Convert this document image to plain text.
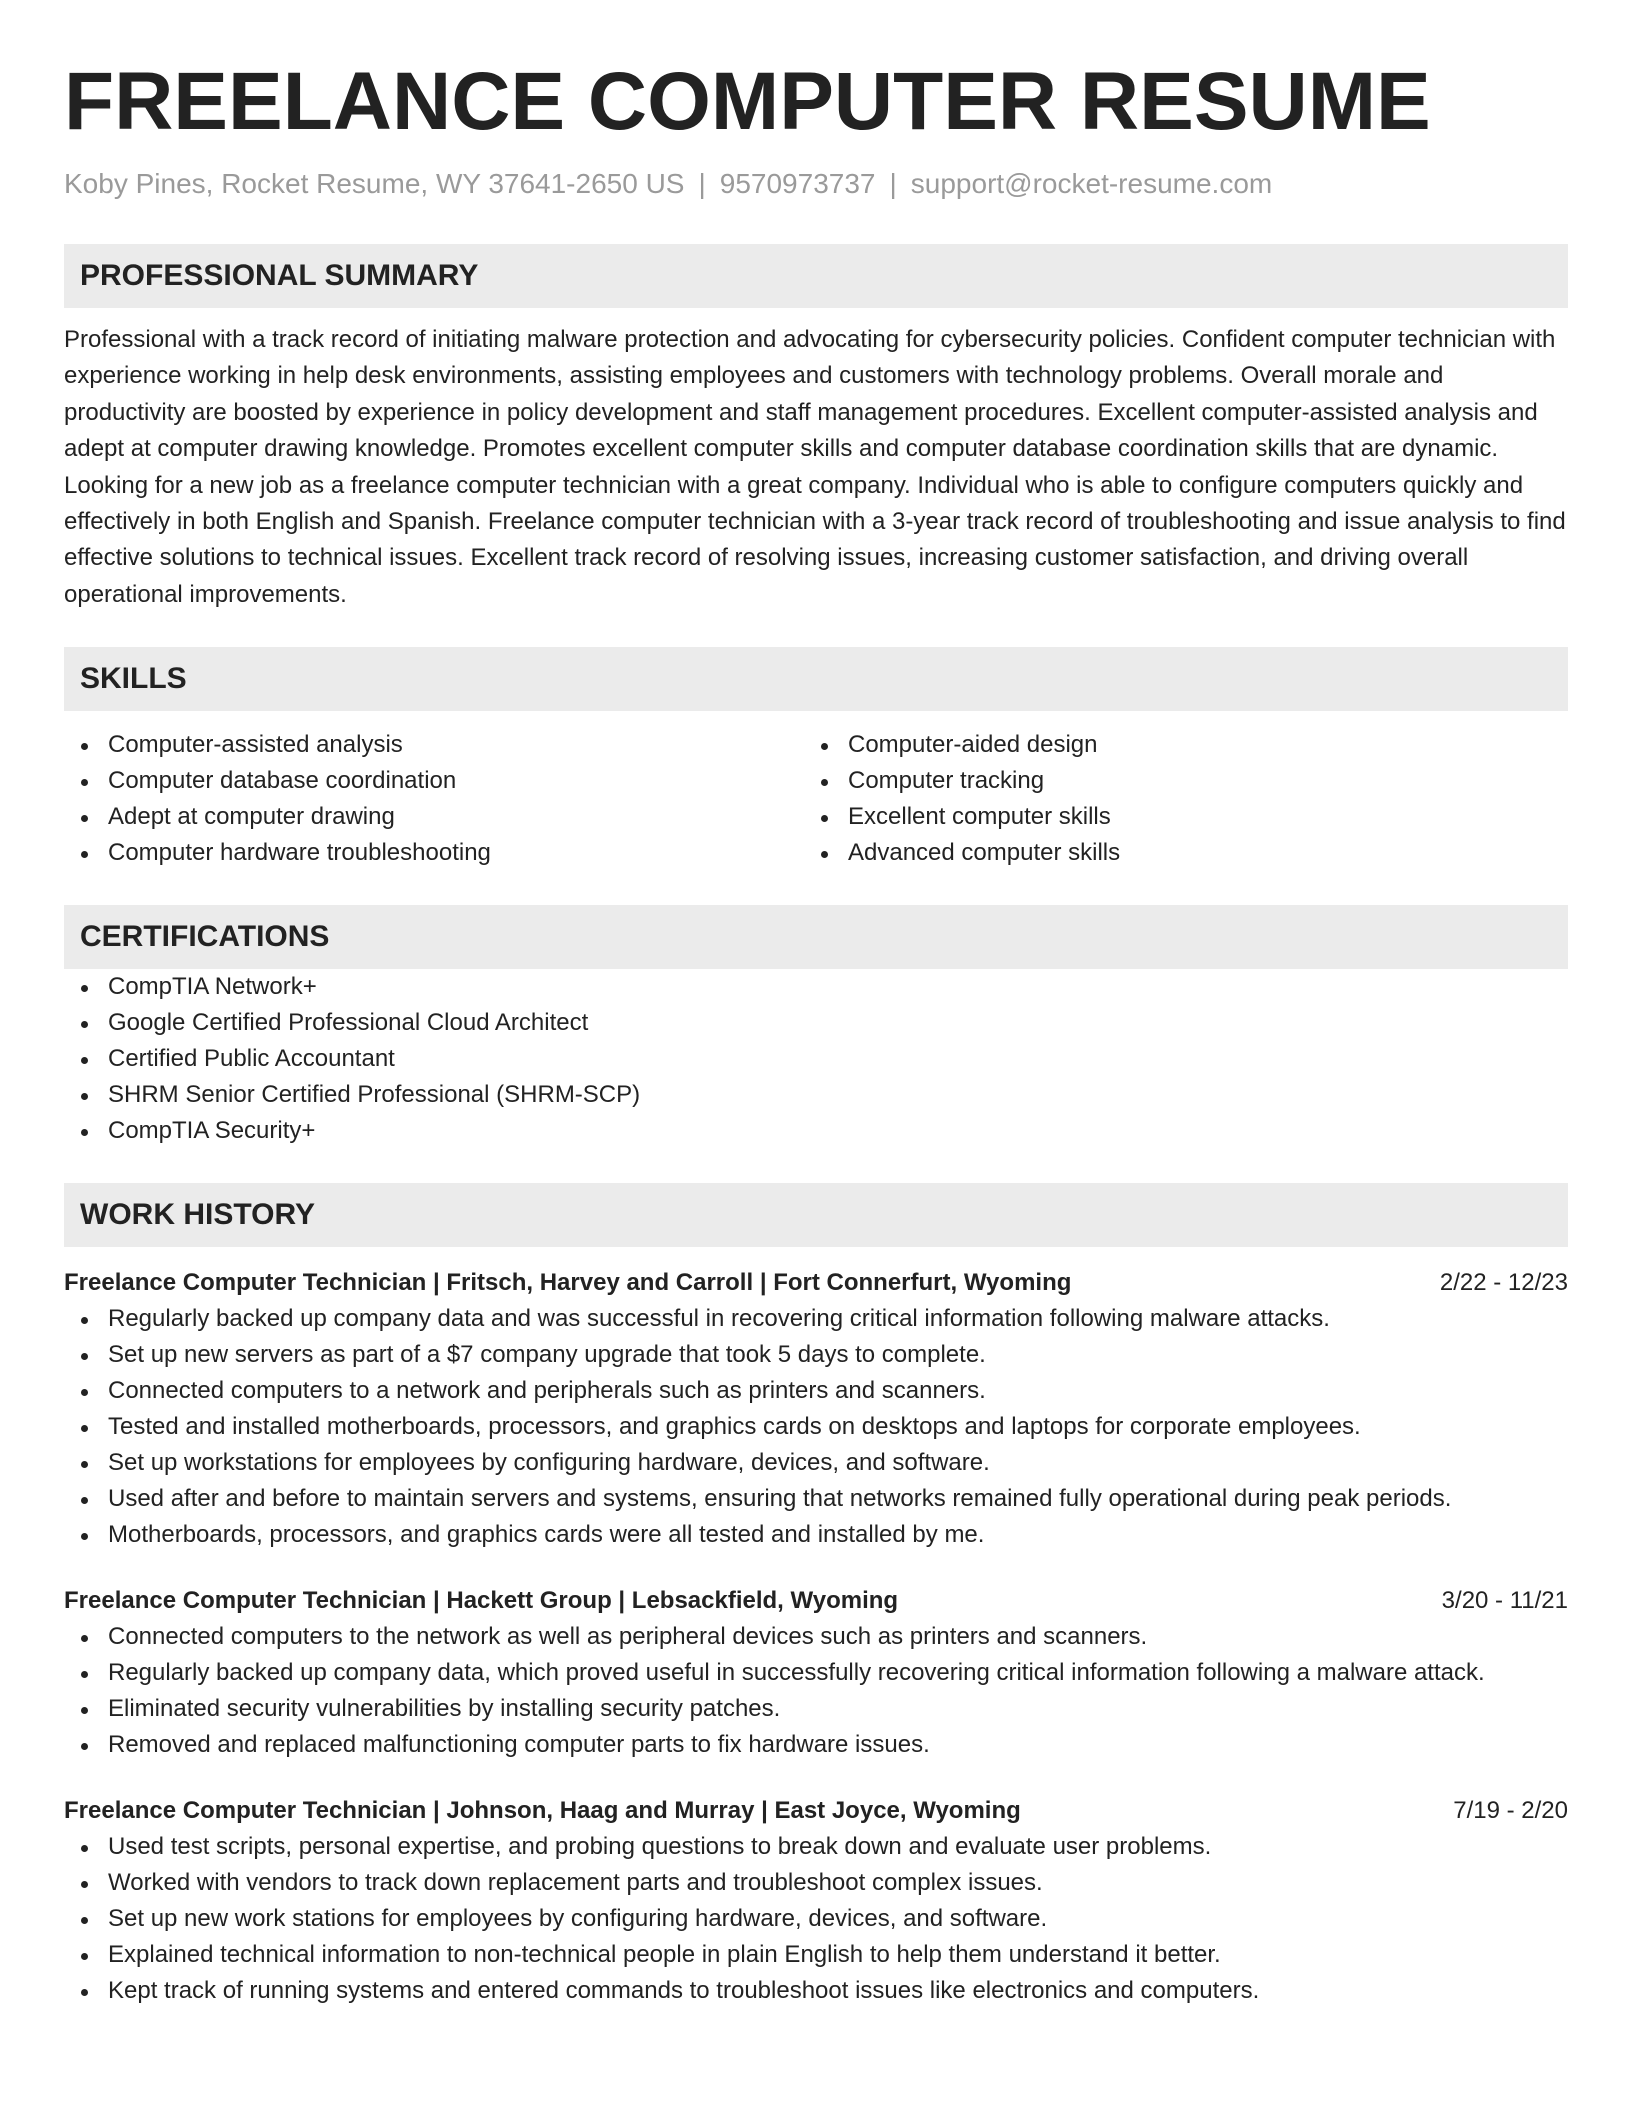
FREELANCE COMPUTER RESUME
Koby Pines, Rocket Resume, WY 37641-2650 US | 9570973737 | support@rocket-resume.com
PROFESSIONAL SUMMARY
Professional with a track record of initiating malware protection and advocating for cybersecurity policies. Confident computer technician with experience working in help desk environments, assisting employees and customers with technology problems. Overall morale and productivity are boosted by experience in policy development and staff management procedures. Excellent computer-assisted analysis and adept at computer drawing knowledge. Promotes excellent computer skills and computer database coordination skills that are dynamic. Looking for a new job as a freelance computer technician with a great company. Individual who is able to configure computers quickly and effectively in both English and Spanish. Freelance computer technician with a 3-year track record of troubleshooting and issue analysis to find effective solutions to technical issues. Excellent track record of resolving issues, increasing customer satisfaction, and driving overall operational improvements.
SKILLS
Computer-assisted analysis
Computer database coordination
Adept at computer drawing
Computer hardware troubleshooting
Computer-aided design
Computer tracking
Excellent computer skills
Advanced computer skills
CERTIFICATIONS
CompTIA Network+
Google Certified Professional Cloud Architect
Certified Public Accountant
SHRM Senior Certified Professional (SHRM-SCP)
CompTIA Security+
WORK HISTORY
Freelance Computer Technician | Fritsch, Harvey and Carroll | Fort Connerfurt, Wyoming	2/22 - 12/23
Regularly backed up company data and was successful in recovering critical information following malware attacks.
Set up new servers as part of a $7 company upgrade that took 5 days to complete.
Connected computers to a network and peripherals such as printers and scanners.
Tested and installed motherboards, processors, and graphics cards on desktops and laptops for corporate employees.
Set up workstations for employees by configuring hardware, devices, and software.
Used after and before to maintain servers and systems, ensuring that networks remained fully operational during peak periods.
Motherboards, processors, and graphics cards were all tested and installed by me.
Freelance Computer Technician | Hackett Group | Lebsackfield, Wyoming	3/20 - 11/21
Connected computers to the network as well as peripheral devices such as printers and scanners.
Regularly backed up company data, which proved useful in successfully recovering critical information following a malware attack.
Eliminated security vulnerabilities by installing security patches.
Removed and replaced malfunctioning computer parts to fix hardware issues.
Freelance Computer Technician | Johnson, Haag and Murray | East Joyce, Wyoming	7/19 - 2/20
Used test scripts, personal expertise, and probing questions to break down and evaluate user problems.
Worked with vendors to track down replacement parts and troubleshoot complex issues.
Set up new work stations for employees by configuring hardware, devices, and software.
Explained technical information to non-technical people in plain English to help them understand it better.
Kept track of running systems and entered commands to troubleshoot issues like electronics and computers.
